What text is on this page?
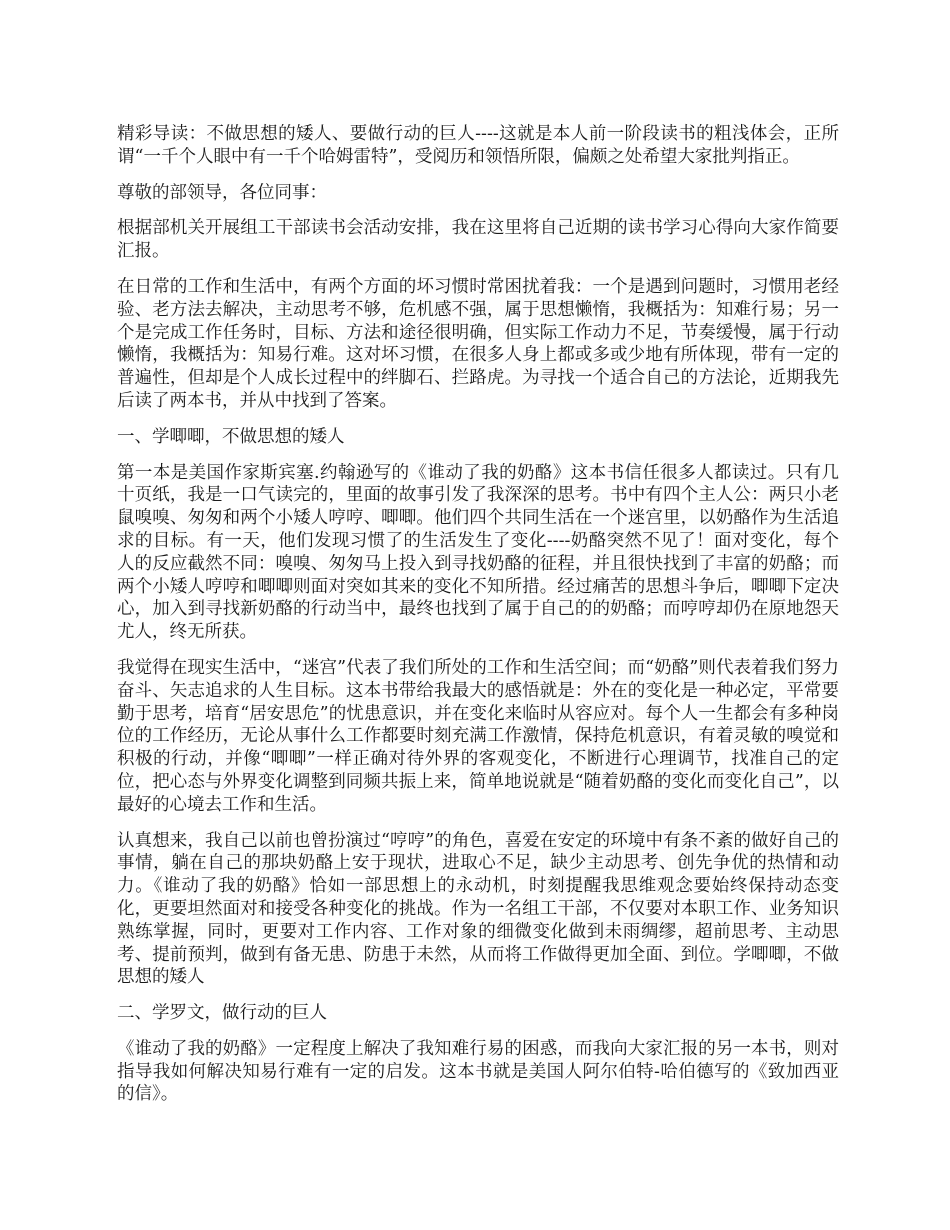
精彩导读：不做思想的矮人、要做行动的巨人----这就是本人前一阶段读书的粗浅体会，正所谓“一千个人眼中有一千个哈姆雷特”，受阅历和领悟所限，偏颇之处希望大家批判指正。

尊敬的部领导，各位同事：

根据部机关开展组工干部读书会活动安排，我在这里将自己近期的读书学习心得向大家作简要汇报。

在日常的工作和生活中，有两个方面的坏习惯时常困扰着我：一个是遇到问题时，习惯用老经验、老方法去解决，主动思考不够，危机感不强，属于思想懒惰，我概括为：知难行易；另一个是完成工作任务时，目标、方法和途径很明确，但实际工作动力不足，节奏缓慢，属于行动懒惰，我概括为：知易行难。这对坏习惯，在很多人身上都或多或少地有所体现，带有一定的普遍性，但却是个人成长过程中的绊脚石、拦路虎。为寻找一个适合自己的方法论，近期我先后读了两本书，并从中找到了答案。

一、学唧唧，不做思想的矮人

第一本是美国作家斯宾塞.约翰逊写的《谁动了我的奶酪》这本书信任很多人都读过。只有几十页纸，我是一口气读完的，里面的故事引发了我深深的思考。书中有四个主人公：两只小老鼠嗅嗅、匆匆和两个小矮人哼哼、唧唧。他们四个共同生活在一个迷宫里，以奶酪作为生活追求的目标。有一天，他们发现习惯了的生活发生了变化----奶酪突然不见了！面对变化，每个人的反应截然不同：嗅嗅、匆匆马上投入到寻找奶酪的征程，并且很快找到了丰富的奶酪；而两个小矮人哼哼和唧唧则面对突如其来的变化不知所措。经过痛苦的思想斗争后，唧唧下定决心，加入到寻找新奶酪的行动当中，最终也找到了属于自己的的奶酪；而哼哼却仍在原地怨天尤人，终无所获。

我觉得在现实生活中，“迷宫”代表了我们所处的工作和生活空间；而“奶酪”则代表着我们努力奋斗、矢志追求的人生目标。这本书带给我最大的感悟就是：外在的变化是一种必定，平常要勤于思考，培育“居安思危”的忧患意识，并在变化来临时从容应对。每个人一生都会有多种岗位的工作经历，无论从事什么工作都要时刻充满工作激情，保持危机意识，有着灵敏的嗅觉和积极的行动，并像“唧唧”一样正确对待外界的客观变化，不断进行心理调节，找准自己的定位，把心态与外界变化调整到同频共振上来，简单地说就是“随着奶酪的变化而变化自己”，以最好的心境去工作和生活。

认真想来，我自己以前也曾扮演过“哼哼”的角色，喜爱在安定的环境中有条不紊的做好自己的事情，躺在自己的那块奶酪上安于现状，进取心不足，缺少主动思考、创先争优的热情和动力。《谁动了我的奶酪》恰如一部思想上的永动机，时刻提醒我思维观念要始终保持动态变化，更要坦然面对和接受各种变化的挑战。作为一名组工干部，不仅要对本职工作、业务知识熟练掌握，同时，更要对工作内容、工作对象的细微变化做到未雨绸缪，超前思考、主动思考、提前预判，做到有备无患、防患于未然，从而将工作做得更加全面、到位。学唧唧，不做思想的矮人

二、学罗文，做行动的巨人

《谁动了我的奶酪》一定程度上解决了我知难行易的困惑，而我向大家汇报的另一本书，则对指导我如何解决知易行难有一定的启发。这本书就是美国人阿尔伯特-哈伯德写的《致加西亚的信》。
